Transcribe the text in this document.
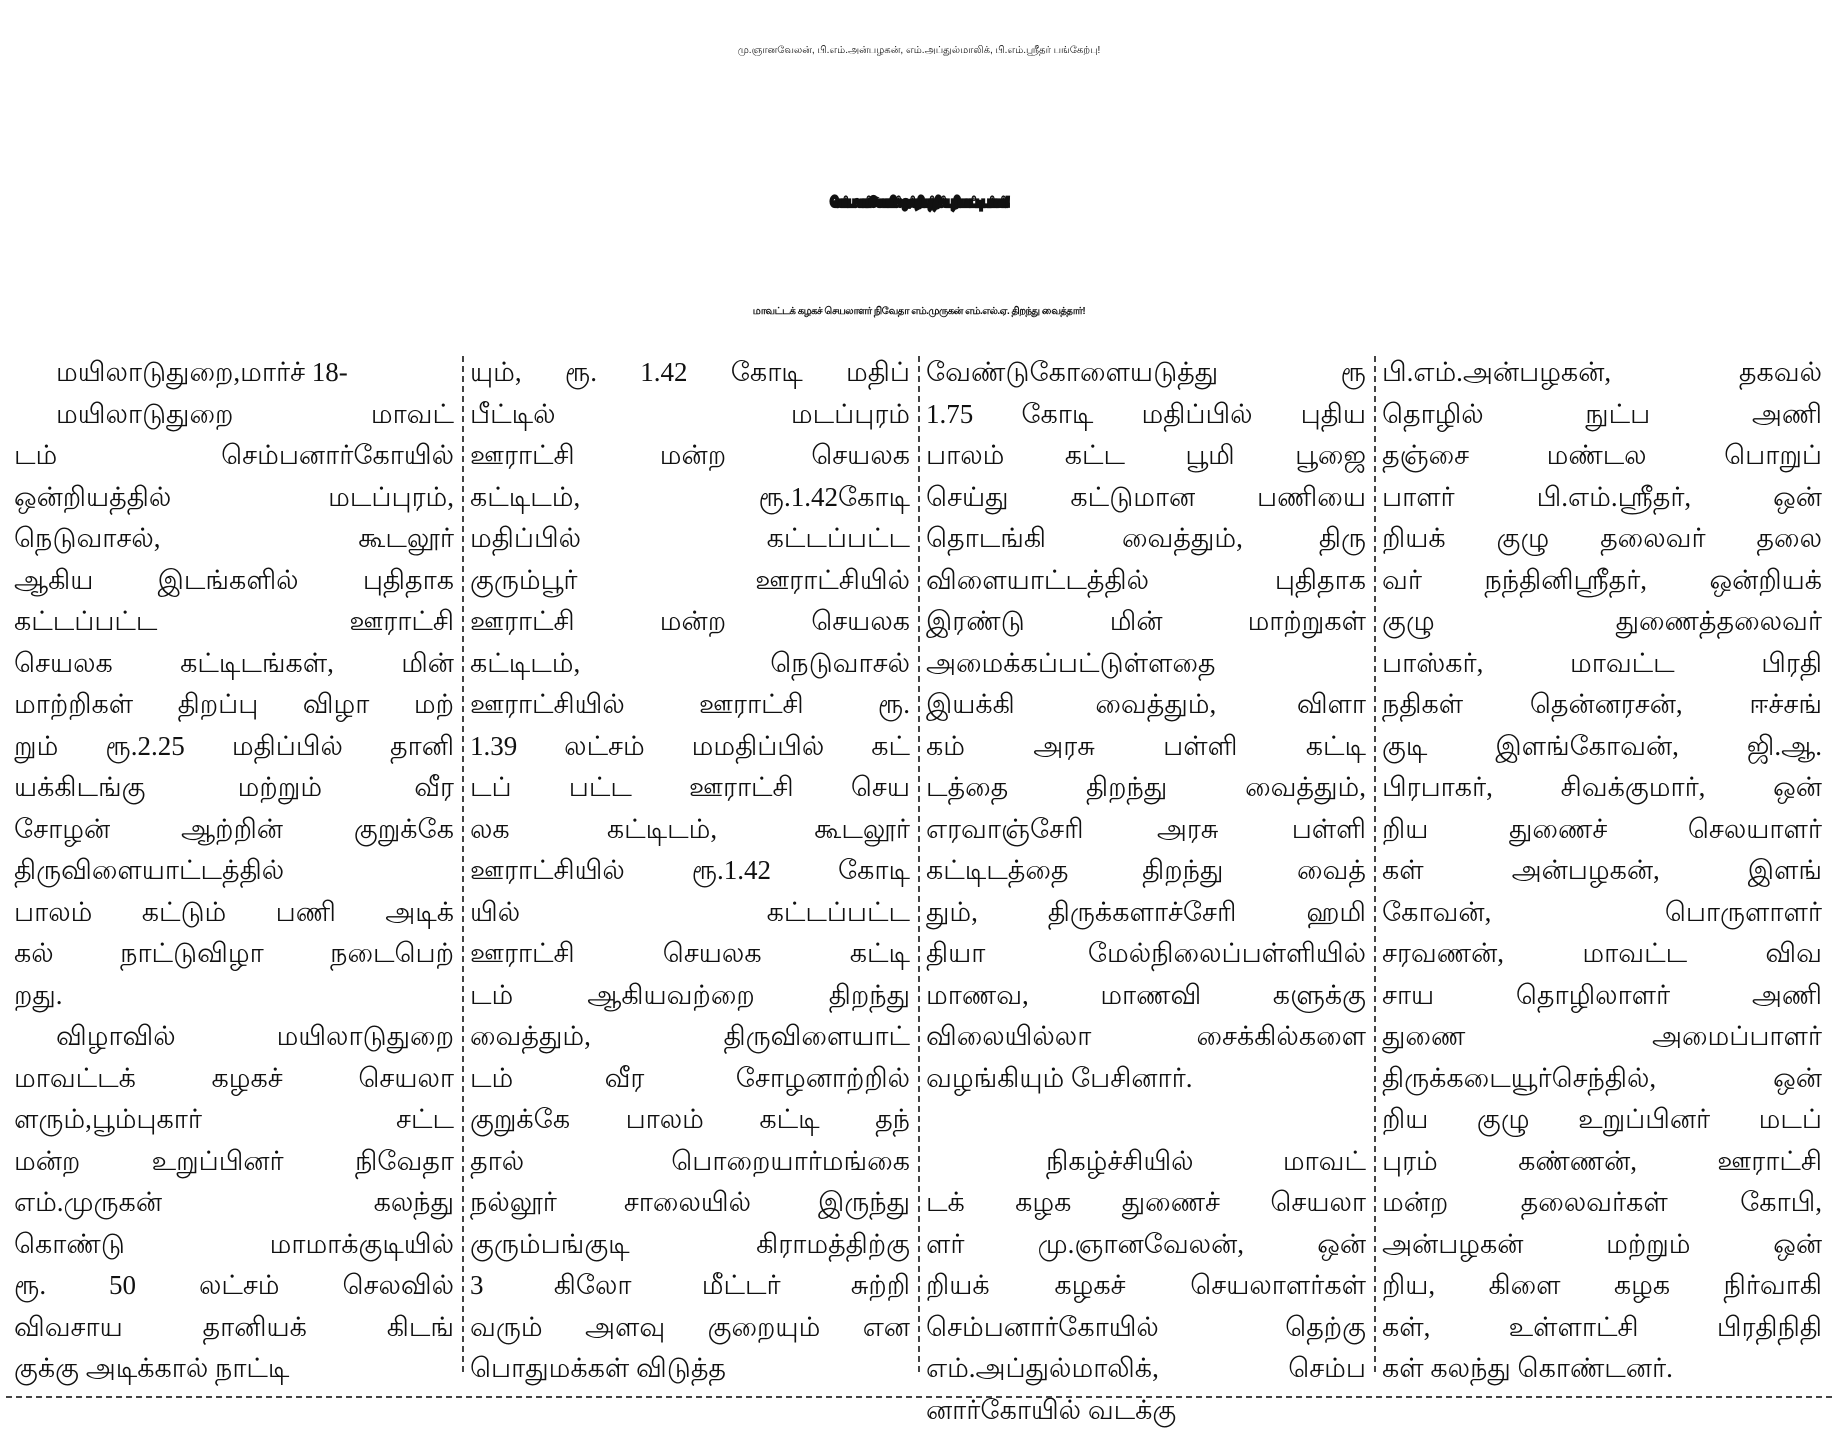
மு.ஞானவேலன், பி.எம்.அன்பழகன், எம்.அப்துல்மாலிக், பி.எம்.ஸ்ரீதர் பங்கேற்பு!
செம்பனார்கோயில் ஒன்றியத்தில் புதிய கட்டிடங்கள்!
மாவட்டக் கழகச் செயலாளர் நிவேதா எம்.முருகன் எம்.எல்.ஏ. திறந்து வைத்தார்!
மயிலாடுதுறை,மார்ச் 18-
மயிலாடுதுறை மாவட்
டம் செம்பனார்கோயில்
ஒன்றியத்தில் மடப்புரம்,
நெடுவாசல், கூடலூர்
ஆகிய இடங்களில் புதிதாக
கட்டப்பட்ட ஊராட்சி
செயலக கட்டிடங்கள், மின்
மாற்றிகள் திறப்பு விழா மற்
றும் ரூ.2.25 மதிப்பில் தானி
யக்கிடங்கு மற்றும் வீர
சோழன் ஆற்றின் குறுக்கே
திருவிளையாட்டத்தில்
பாலம் கட்டும் பணி அடிக்
கல் நாட்டுவிழா நடைபெற்
றது.
விழாவில் மயிலாடுதுறை
மாவட்டக் கழகச் செயலா
ளரும்,பூம்புகார் சட்ட
மன்ற உறுப்பினர் நிவேதா
எம்.முருகன் கலந்து
கொண்டு மாமாக்குடியில்
ரூ. 50 லட்சம் செலவில்
விவசாய தானியக் கிடங்
குக்கு அடிக்கால் நாட்டி
யும், ரூ. 1.42 கோடி மதிப்
பீட்டில் மடப்புரம்
ஊராட்சி மன்ற செயலக
கட்டிடம், ரூ.1.42கோடி
மதிப்பில் கட்டப்பட்ட
குரும்பூர் ஊராட்சியில்
ஊராட்சி மன்ற செயலக
கட்டிடம், நெடுவாசல்
ஊராட்சியில் ஊராட்சி ரூ.
1.39 லட்சம் மமதிப்பில் கட்
டப் பட்ட ஊராட்சி செய
லக கட்டிடம், கூடலூர்
ஊராட்சியில் ரூ.1.42 கோடி
யில் கட்டப்பட்ட
ஊராட்சி செயலக கட்டி
டம் ஆகியவற்றை திறந்து
வைத்தும், திருவிளையாட்
டம் வீர சோழனாற்றில்
குறுக்கே பாலம் கட்டி தந்
தால் பொறையார்மங்கை
நல்லூர் சாலையில் இருந்து
குரும்பங்குடி கிராமத்திற்கு
3 கிலோ மீட்டர் சுற்றி
வரும் அளவு குறையும் என
பொதுமக்கள் விடுத்த
வேண்டுகோளையடுத்து ரூ
1.75 கோடி மதிப்பில் புதிய
பாலம் கட்ட பூமி பூஜை
செய்து கட்டுமான பணியை
தொடங்கி வைத்தும், திரு
விளையாட்டத்தில் புதிதாக
இரண்டு மின் மாற்றுகள்
அமைக்கப்பட்டுள்ளதை
இயக்கி வைத்தும், விளா
கம் அரசு பள்ளி கட்டி
டத்தை திறந்து வைத்தும்,
எரவாஞ்சேரி அரசு பள்ளி
கட்டிடத்தை திறந்து வைத்
தும், திருக்களாச்சேரி ஹமி
தியா மேல்நிலைப்பள்ளியில்
மாணவ, மாணவி களுக்கு
விலையில்லா சைக்கில்களை
வழங்கியும் பேசினார்.
நிகழ்ச்சியில் மாவட்
டக் கழக துணைச் செயலா
ளர் மு.ஞானவேலன், ஒன்
றியக் கழகச் செயலாளர்கள்
செம்பனார்கோயில் தெற்கு
எம்.அப்துல்மாலிக், செம்ப
னார்கோயில் வடக்கு
பி.எம்.அன்பழகன், தகவல்
தொழில் நுட்ப அணி
தஞ்சை மண்டல பொறுப்
பாளர் பி.எம்.ஸ்ரீதர், ஒன்
றியக் குழு தலைவர் தலை
வர் நந்தினிஸ்ரீதர், ஒன்றியக்
குழு துணைத்தலைவர்
பாஸ்கர், மாவட்ட பிரதி
நதிகள் தென்னரசன், ஈச்சங்
குடி இளங்கோவன், ஜி.ஆ.
பிரபாகர், சிவக்குமார், ஒன்
றிய துணைச் செலயாளர்
கள் அன்பழகன், இளங்
கோவன், பொருளாளர்
சரவணன், மாவட்ட விவ
சாய தொழிலாளர் அணி
துணை அமைப்பாளர்
திருக்கடையூர்செந்தில், ஒன்
றிய குழு உறுப்பினர் மடப்
புரம் கண்ணன், ஊராட்சி
மன்ற தலைவர்கள் கோபி,
அன்பழகன் மற்றும் ஒன்
றிய, கிளை கழக நிர்வாகி
கள், உள்ளாட்சி பிரதிநிதி
கள் கலந்து கொண்டனர்.
